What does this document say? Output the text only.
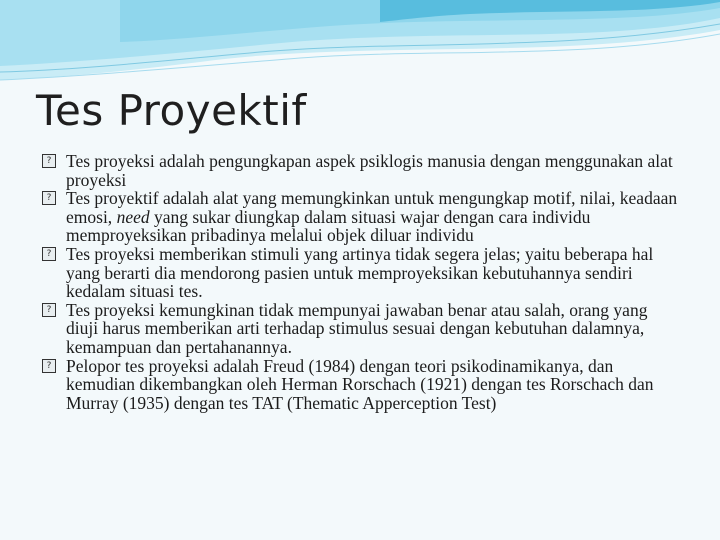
Tes Proyektif
? Tes proyeksi adalah pengungkapan aspek psiklogis manusia dengan menggunakan alat proyeksi
? Tes proyektif adalah alat yang memungkinkan untuk mengungkap motif, nilai, keadaan emosi, need yang sukar diungkap dalam situasi wajar dengan cara individu memproyeksikan pribadinya melalui objek diluar individu
? Tes proyeksi memberikan stimuli yang artinya tidak segera jelas; yaitu beberapa hal yang berarti dia mendorong pasien untuk memproyeksikan kebutuhannya sendiri kedalam situasi tes.
? Tes proyeksi kemungkinan tidak mempunyai jawaban benar atau salah, orang yang diuji harus memberikan arti terhadap stimulus sesuai dengan kebutuhan dalamnya, kemampuan dan pertahanannya.
? Pelopor tes proyeksi adalah Freud (1984) dengan teori psikodinamikanya, dan kemudian dikembangkan oleh Herman Rorschach (1921) dengan tes Rorschach dan Murray (1935) dengan tes TAT (Thematic Apperception Test)
